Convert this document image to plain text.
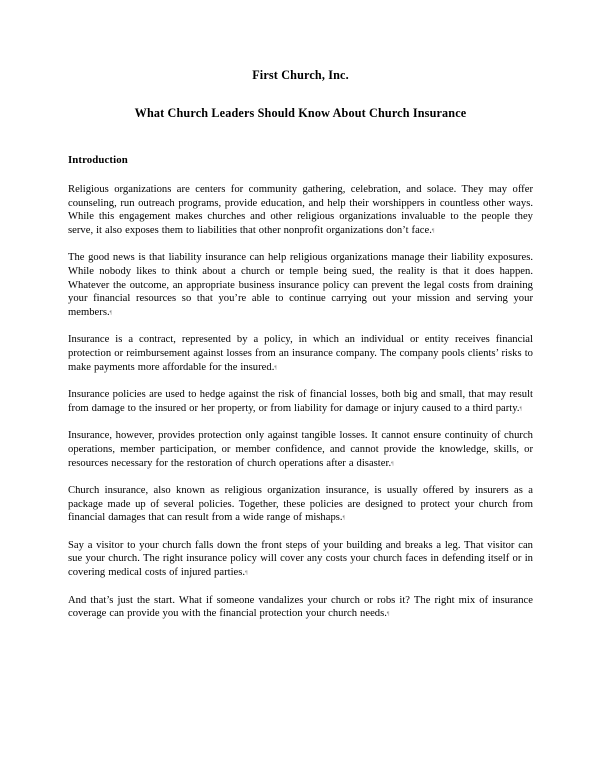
First Church, Inc.
What Church Leaders Should Know About Church Insurance
Introduction

Religious organizations are centers for community gathering, celebration, and solace. They may offer counseling, run outreach programs, provide education, and help their worshippers in countless other ways. While this engagement makes churches and other religious organizations invaluable to the people they serve, it also exposes them to liabilities that other nonprofit organizations don’t face.¶

The good news is that liability insurance can help religious organizations manage their liability exposures. While nobody likes to think about a church or temple being sued, the reality is that it does happen. Whatever the outcome, an appropriate business insurance policy can prevent the legal costs from draining your financial resources so that you’re able to continue carrying out your mission and serving your members.¶

Insurance is a contract, represented by a policy, in which an individual or entity receives financial protection or reimbursement against losses from an insurance company. The company pools clients’ risks to make payments more affordable for the insured.¶

Insurance policies are used to hedge against the risk of financial losses, both big and small, that may result from damage to the insured or her property, or from liability for damage or injury caused to a third party.¶

Insurance, however, provides protection only against tangible losses. It cannot ensure continuity of church operations, member participation, or member confidence, and cannot provide the knowledge, skills, or resources necessary for the restoration of church operations after a disaster.¶

Church insurance, also known as religious organization insurance, is usually offered by insurers as a package made up of several policies. Together, these policies are designed to protect your church from financial damages that can result from a wide range of mishaps.¶

Say a visitor to your church falls down the front steps of your building and breaks a leg. That visitor can sue your church. The right insurance policy will cover any costs your church faces in defending itself or in covering medical costs of injured parties.¶

And that’s just the start. What if someone vandalizes your church or robs it? The right mix of insurance coverage can provide you with the financial protection your church needs.¶
